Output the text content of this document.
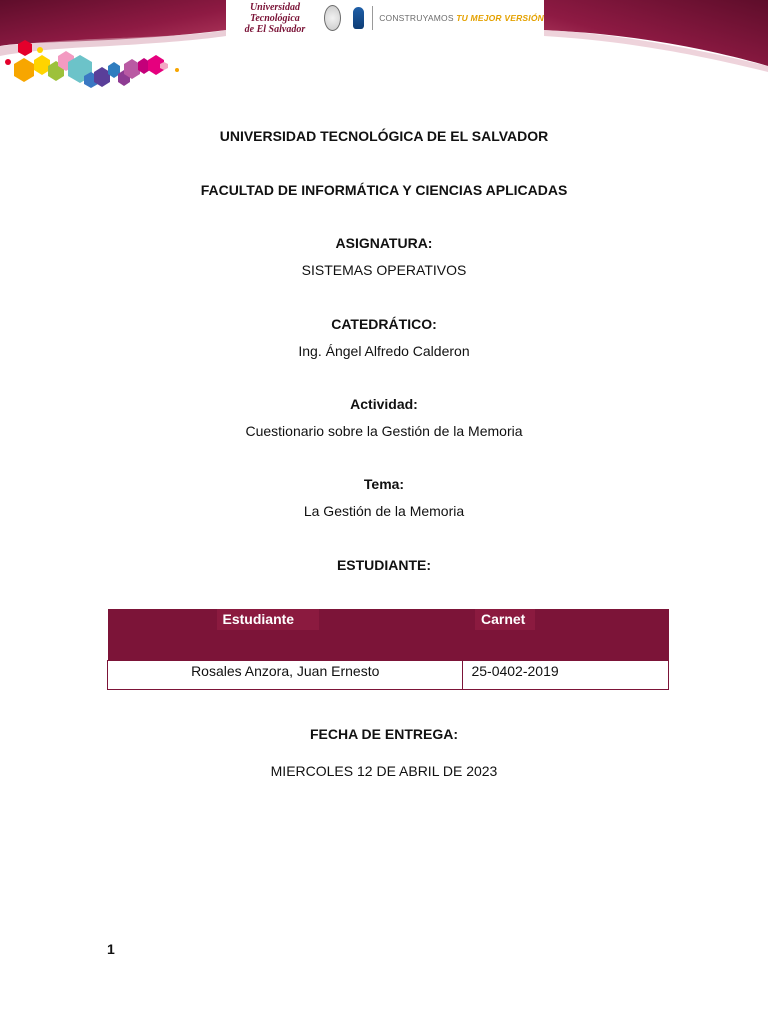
Universidad Tecnológica
de El Salvador
CONSTRUYAMOS TU MEJOR VERSIÓN
UNIVERSIDAD TECNOLÓGICA DE EL SALVADOR
FACULTAD DE INFORMÁTICA Y CIENCIAS APLICADAS
ASIGNATURA:
SISTEMAS OPERATIVOS
CATEDRÁTICO:
Ing. Ángel Alfredo Calderon
Actividad:
Cuestionario sobre la Gestión de la Memoria
Tema:
La Gestión de la Memoria
ESTUDIANTE:
Estudiante	Carnet

Rosales Anzora, Juan Ernesto	25-0402-2019
FECHA DE ENTREGA:
MIERCOLES 12 DE ABRIL DE 2023
1
